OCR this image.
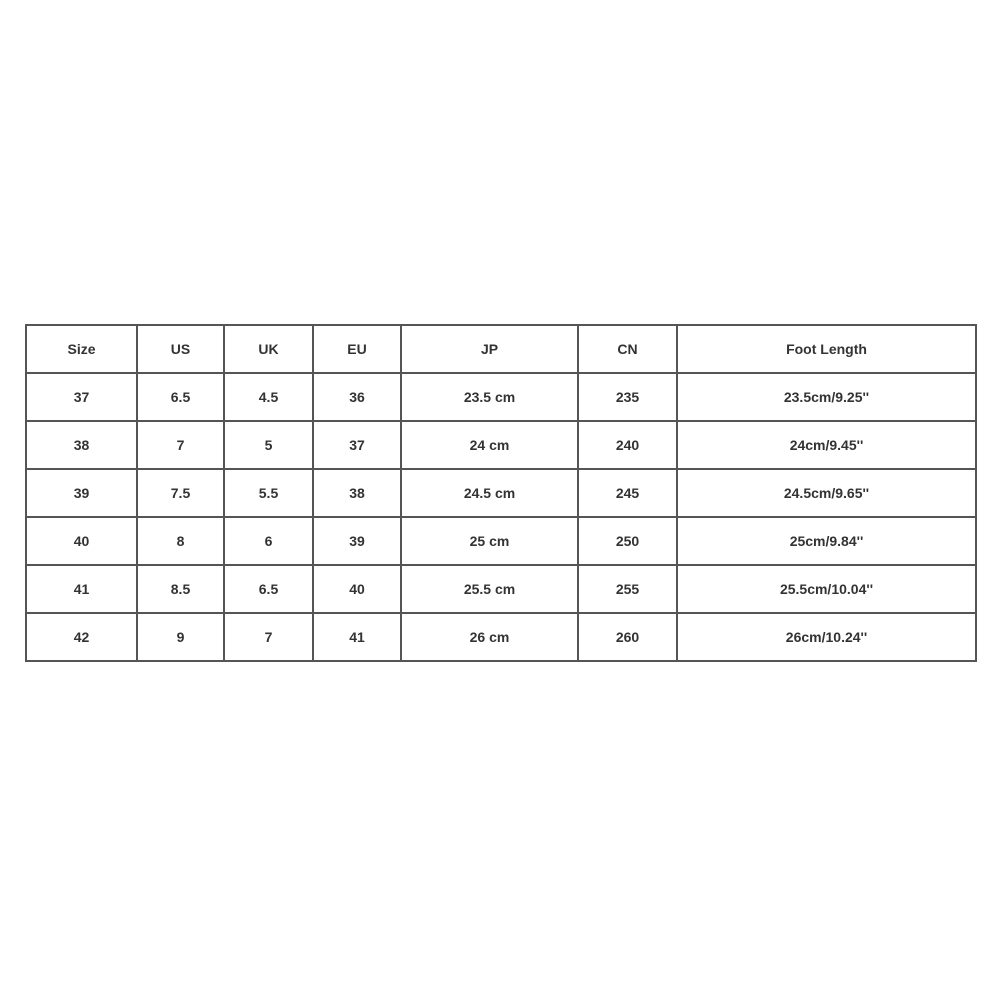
Size	US	UK	EU	JP	CN	Foot Length
37	6.5	4.5	36	23.5 cm	235	23.5cm/9.25''
38	7	5	37	24 cm	240	24cm/9.45''
39	7.5	5.5	38	24.5 cm	245	24.5cm/9.65''
40	8	6	39	25 cm	250	25cm/9.84''
41	8.5	6.5	40	25.5 cm	255	25.5cm/10.04''
42	9	7	41	26 cm	260	26cm/10.24''
